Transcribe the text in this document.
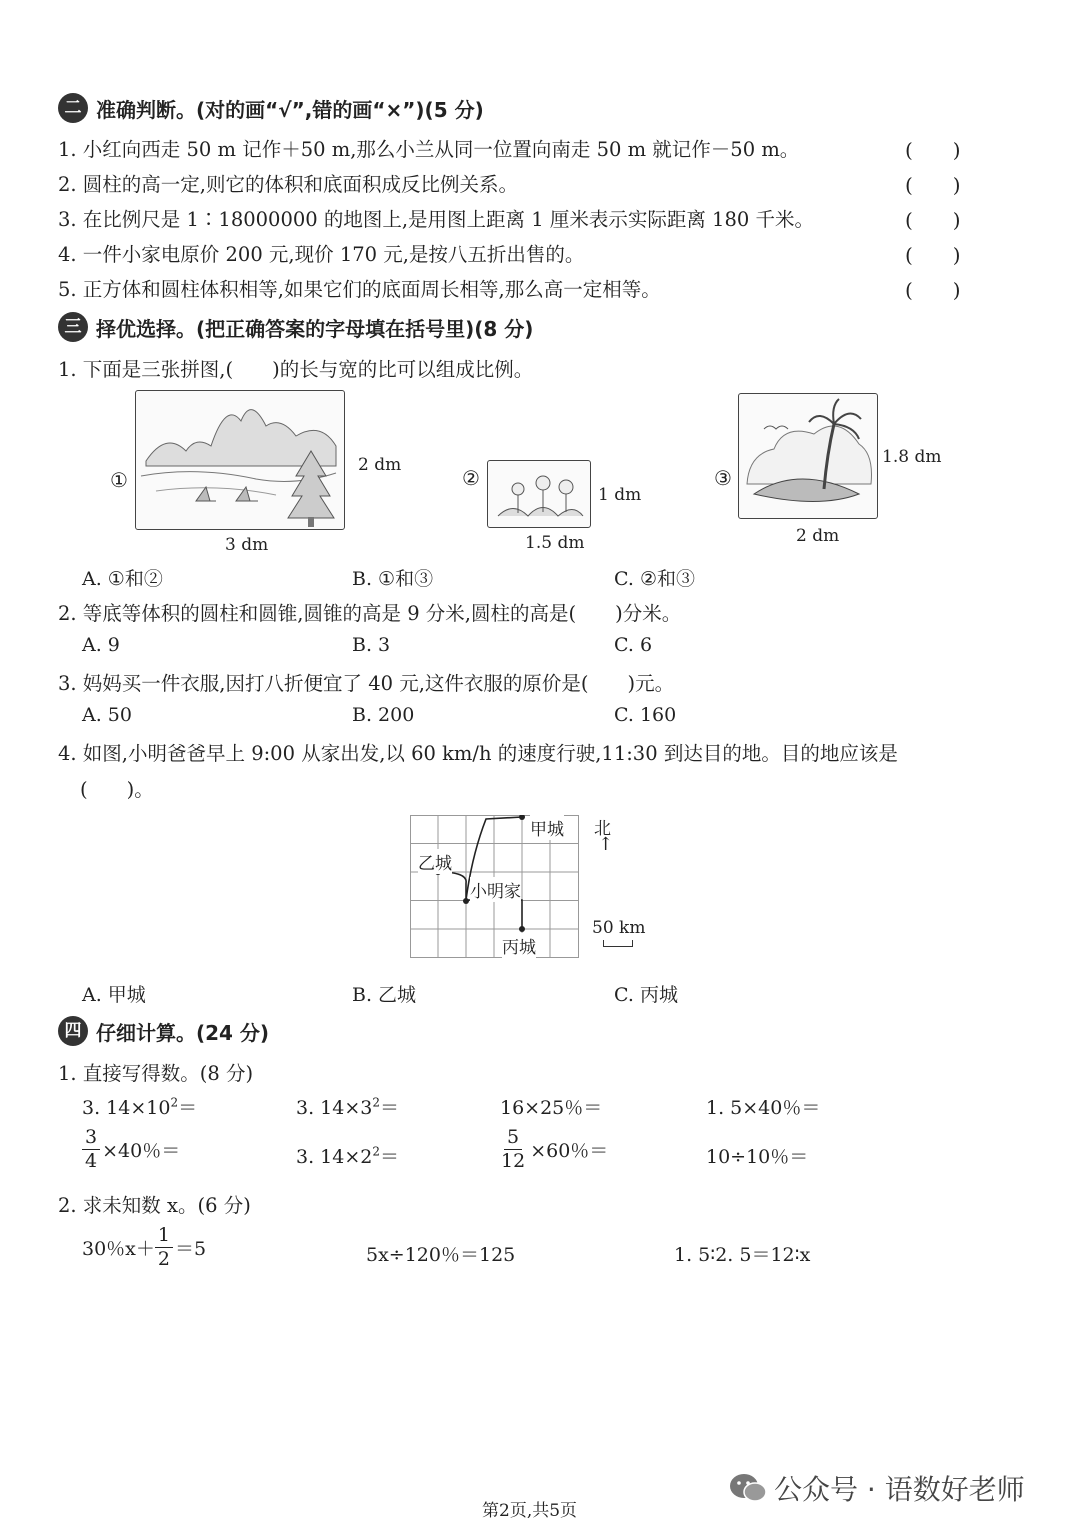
二 准确判断。(对的画“√”,错的画“×”)(5 分)
1. 小红向西走 50 m 记作＋50 m,那么小兰从同一位置向南走 50 m 就记作－50 m。	(　　)
2. 圆柱的高一定,则它的体积和底面积成反比例关系。	(　　)
3. 在比例尺是 1∶18000000 的地图上,是用图上距离 1 厘米表示实际距离 180 千米。	(　　)
4. 一件小家电原价 200 元,现价 170 元,是按八五折出售的。	(　　)
5. 正方体和圆柱体积相等,如果它们的底面周长相等,那么高一定相等。	(　　)
三 择优选择。(把正确答案的字母填在括号里)(8 分)
1. 下面是三张拼图,(　　)的长与宽的比可以组成比例。
①
2 dm
3 dm
②
1 dm
1.5 dm
③
1.8 dm
2 dm
A. ①和②	B. ①和③	C. ②和③
2. 等底等体积的圆柱和圆锥,圆锥的高是 9 分米,圆柱的高是(　　)分米。
A. 9	B. 3	C. 6
3. 妈妈买一件衣服,因打八折便宜了 40 元,这件衣服的原价是(　　)元。
A. 50	B. 200	C. 160
4. 如图,小明爸爸早上 9:00 从家出发,以 60 km/h 的速度行驶,11:30 到达目的地。目的地应该是
(　　)。
甲城
乙城
小明家
丙城
北
↑
50 km
A. 甲城	B. 乙城	C. 丙城
四 仔细计算。(24 分)
1. 直接写得数。(8 分)
3. $14\times 10^2=$	3. $14\times 3^2=$	16×25％＝	1. 5×40％＝
$\frac{3}{4} \times 40$％＝	3. $14\times 2^2=$	$\frac{5}{12} \times 60$％＝	10÷10％＝
2. 求未知数 x。(6 分)
30％$x+ \frac{1}{2} =5$	5x÷120％＝125	1. 5∶2. 5＝12∶x
公众号 · 语数好老师
第2页,共5页
